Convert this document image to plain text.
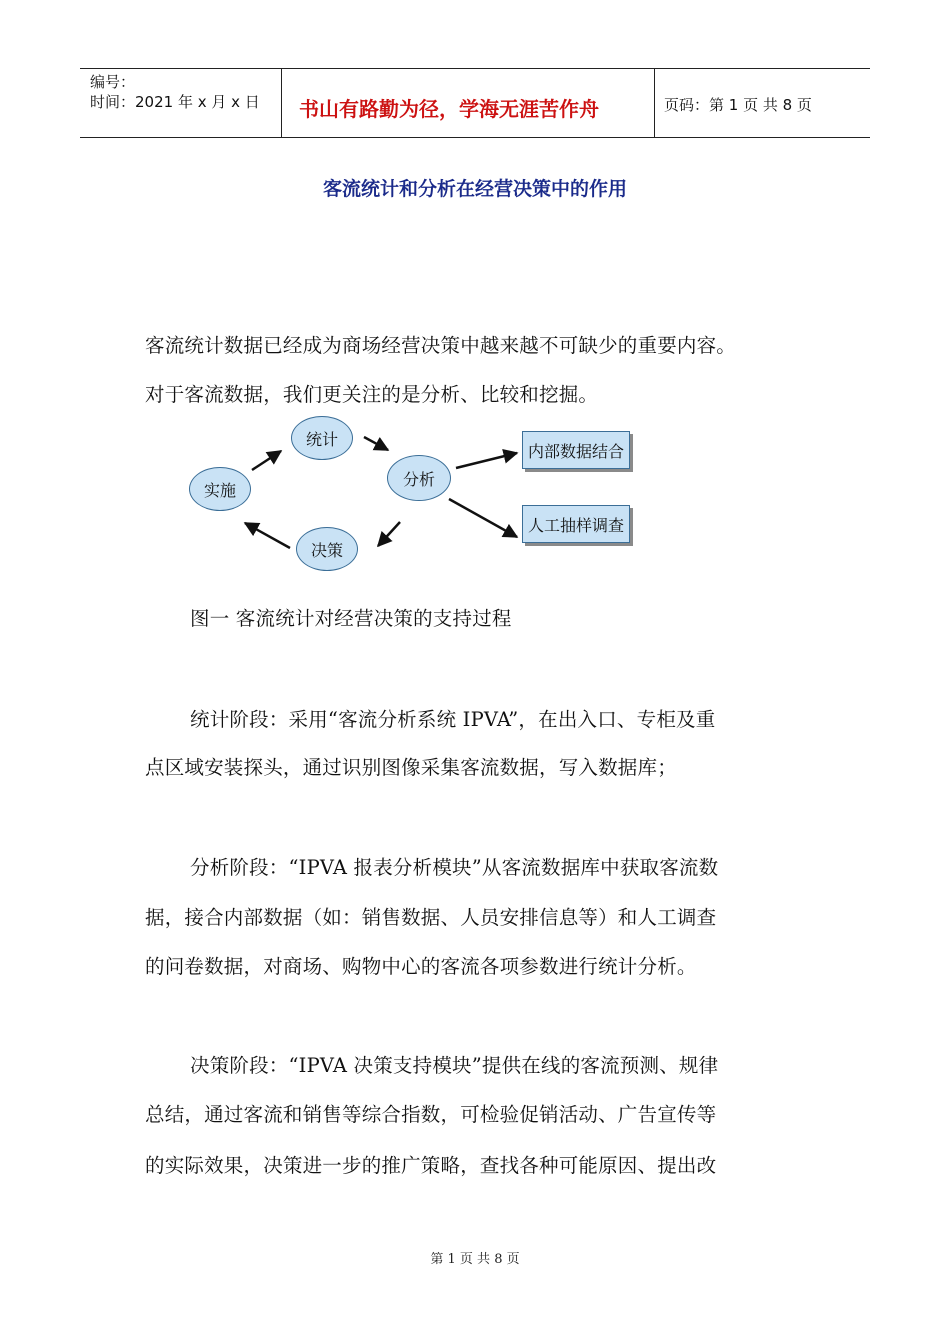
编号：
时间：2021 年 x 月 x 日 书山有路勤为径，学海无涯苦作舟	页码：第 1 页 共 8 页
客流统计和分析在经营决策中的作用
客流统计数据已经成为商场经营决策中越来越不可缺少的重要内容。
对于客流数据，我们更关注的是分析、比较和挖掘。
实施
统计
分析
决策
内部数据结合
人工抽样调查
图一 客流统计对经营决策的支持过程
统计阶段：采用“客流分析系统 IPVA”，在出入口、专柜及重
点区域安装探头，通过识别图像采集客流数据，写入数据库；
分析阶段：“IPVA 报表分析模块”从客流数据库中获取客流数
据，接合内部数据（如：销售数据、人员安排信息等）和人工调查
的问卷数据，对商场、购物中心的客流各项参数进行统计分析。
决策阶段：“IPVA 决策支持模块”提供在线的客流预测、规律
总结，通过客流和销售等综合指数，可检验促销活动、广告宣传等
的实际效果，决策进一步的推广策略，查找各种可能原因、提出改
第 1 页 共 8 页
